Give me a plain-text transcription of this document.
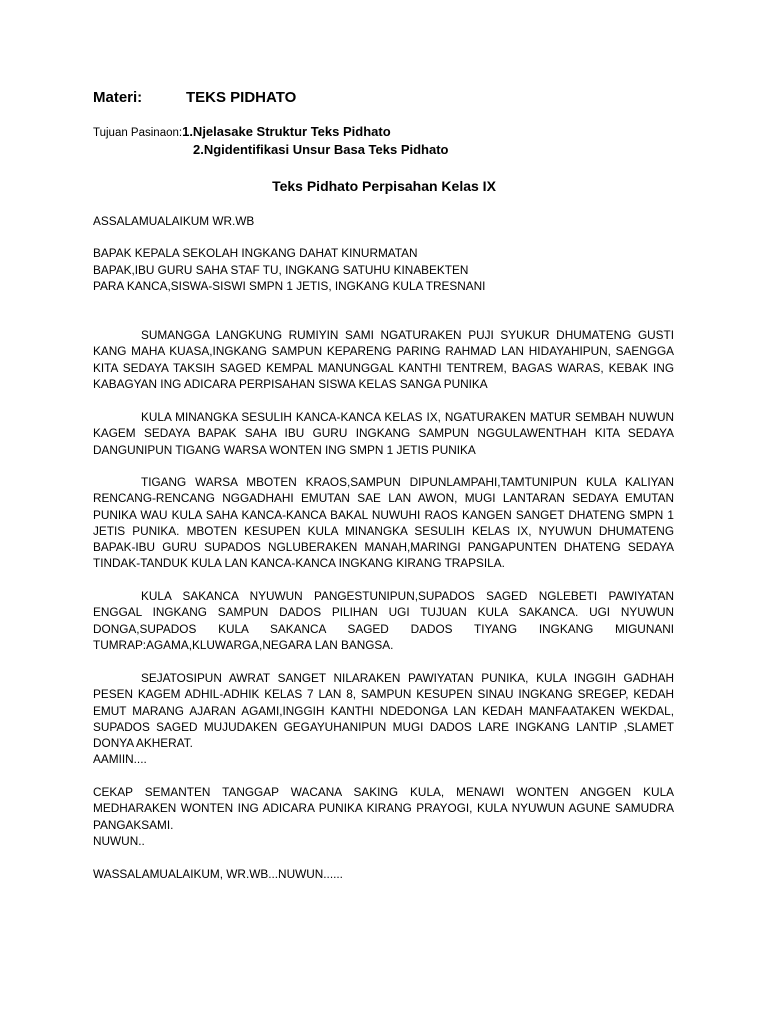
Materi:	TEKS PIDHATO
Tujuan Pasinaon:1.Njelasake Struktur Teks Pidhato
2.Ngidentifikasi Unsur Basa Teks Pidhato
Teks Pidhato Perpisahan Kelas IX
ASSALAMUALAIKUM WR.WB
BAPAK KEPALA SEKOLAH INGKANG DAHAT KINURMATAN
BAPAK,IBU GURU SAHA STAF TU, INGKANG SATUHU KINABEKTEN
PARA KANCA,SISWA-SISWI SMPN 1 JETIS, INGKANG KULA TRESNANI
SUMANGGA LANGKUNG RUMIYIN SAMI NGATURAKEN PUJI SYUKUR DHUMATENG GUSTI KANG MAHA KUASA,INGKANG SAMPUN KEPARENG PARING RAHMAD LAN HIDAYAHIPUN, SAENGGA KITA SEDAYA TAKSIH SAGED KEMPAL MANUNGGAL KANTHI TENTREM, BAGAS WARAS, KEBAK ING KABAGYAN ING ADICARA PERPISAHAN SISWA KELAS SANGA PUNIKA
KULA MINANGKA SESULIH KANCA-KANCA KELAS IX, NGATURAKEN MATUR SEMBAH NUWUN KAGEM SEDAYA BAPAK SAHA IBU GURU INGKANG SAMPUN NGGULAWENTHAH KITA SEDAYA DANGUNIPUN TIGANG WARSA WONTEN ING SMPN 1 JETIS PUNIKA
TIGANG WARSA MBOTEN KRAOS,SAMPUN DIPUNLAMPAHI,TAMTUNIPUN KULA KALIYAN RENCANG-RENCANG NGGADHAHI EMUTAN SAE LAN AWON, MUGI LANTARAN SEDAYA EMUTAN PUNIKA WAU KULA SAHA KANCA-KANCA BAKAL NUWUHI RAOS KANGEN SANGET DHATENG SMPN 1 JETIS PUNIKA. MBOTEN KESUPEN KULA MINANGKA SESULIH KELAS IX, NYUWUN DHUMATENG BAPAK-IBU GURU SUPADOS NGLUBERAKEN MANAH,MARINGI PANGAPUNTEN DHATENG SEDAYA TINDAK-TANDUK KULA LAN KANCA-KANCA INGKANG KIRANG TRAPSILA.
KULA SAKANCA NYUWUN PANGESTUNIPUN,SUPADOS SAGED NGLEBETI PAWIYATAN ENGGAL INGKANG SAMPUN DADOS PILIHAN UGI TUJUAN KULA SAKANCA. UGI NYUWUN DONGA,SUPADOS KULA SAKANCA SAGED DADOS TIYANG INGKANG MIGUNANI TUMRAP:AGAMA,KLUWARGA,NEGARA LAN BANGSA.
SEJATOSIPUN AWRAT SANGET NILARAKEN PAWIYATAN PUNIKA, KULA INGGIH GADHAH PESEN KAGEM ADHIL-ADHIK KELAS 7 LAN 8, SAMPUN KESUPEN SINAU INGKANG SREGEP, KEDAH EMUT MARANG AJARAN AGAMI,INGGIH KANTHI NDEDONGA LAN KEDAH MANFAATAKEN WEKDAL, SUPADOS SAGED MUJUDAKEN GEGAYUHANIPUN MUGI DADOS LARE INGKANG LANTIP ,SLAMET DONYA AKHERAT.
AAMIIN....
CEKAP SEMANTEN TANGGAP WACANA SAKING KULA, MENAWI WONTEN ANGGEN KULA MEDHARAKEN WONTEN ING ADICARA PUNIKA KIRANG PRAYOGI, KULA NYUWUN AGUNE SAMUDRA PANGAKSAMI.
NUWUN..
WASSALAMUALAIKUM, WR.WB...NUWUN......
